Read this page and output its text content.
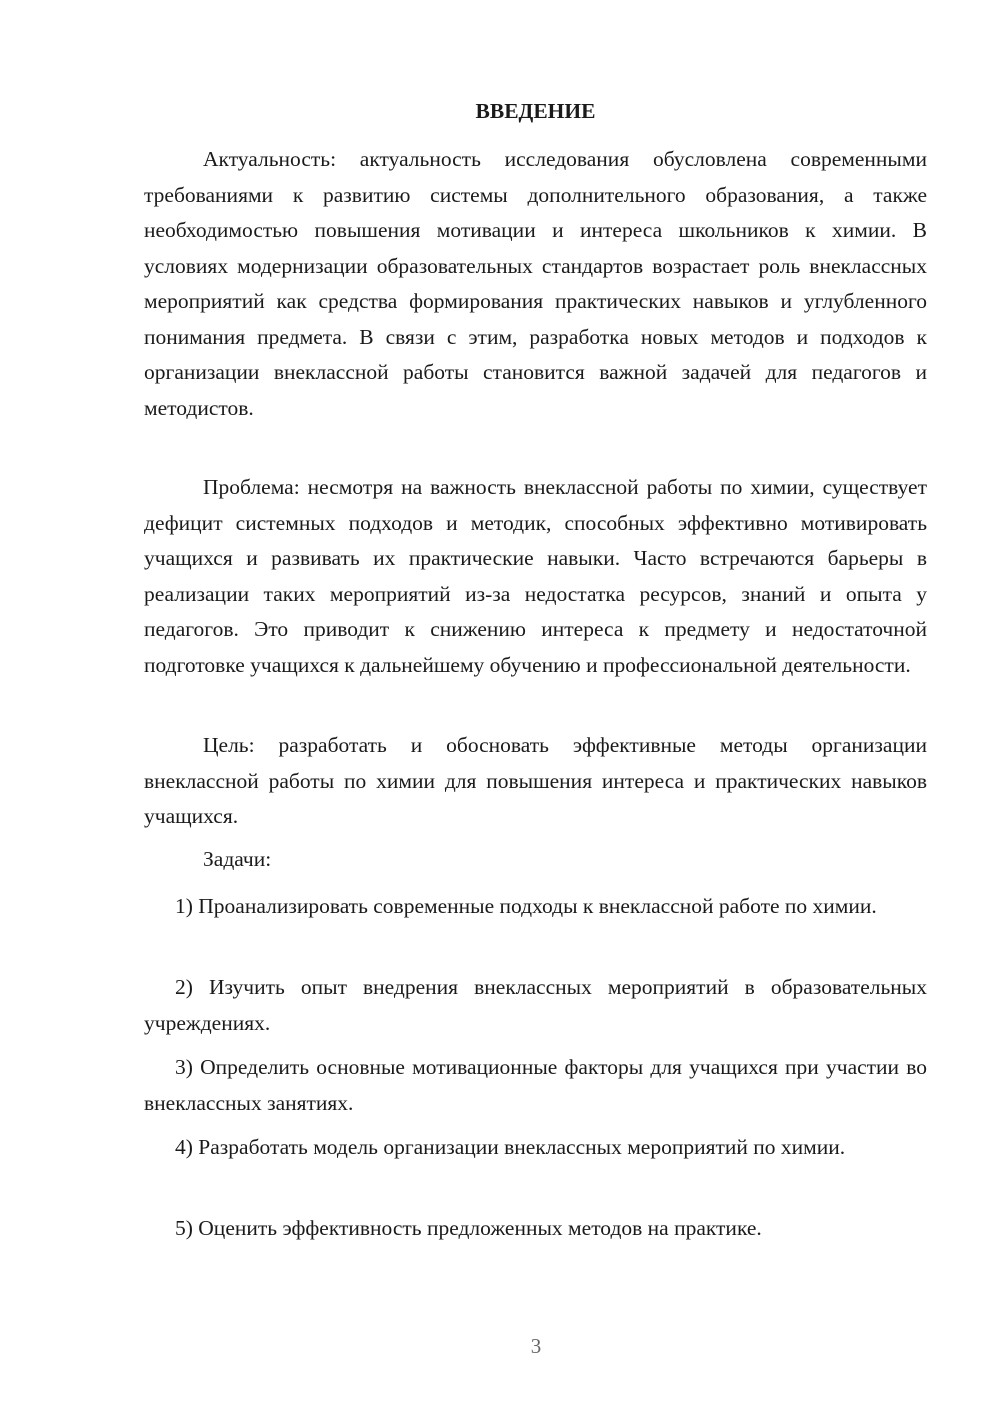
ВВЕДЕНИЕ

Актуальность: актуальность исследования обусловлена современными требованиями к развитию системы дополнительного образования, а также необходимостью повышения мотивации и интереса школьников к химии. В условиях модернизации образовательных стандартов возрастает роль внеклассных мероприятий как средства формирования практических навыков и углубленного понимания предмета. В связи с этим, разработка новых методов и подходов к организации внеклассной работы становится важной задачей для педагогов и методистов.

Проблема: несмотря на важность внеклассной работы по химии, существует дефицит системных подходов и методик, способных эффективно мотивировать учащихся и развивать их практические навыки. Часто встречаются барьеры в реализации таких мероприятий из-за недостатка ресурсов, знаний и опыта у педагогов. Это приводит к снижению интереса к предмету и недостаточной подготовке учащихся к дальнейшему обучению и профессиональной деятельности.

Цель: разработать и обосновать эффективные методы организации внеклассной работы по химии для повышения интереса и практических навыков учащихся.

Задачи:

1) Проанализировать современные подходы к внеклассной работе по химии.

2) Изучить опыт внедрения внеклассных мероприятий в образовательных учреждениях.

3) Определить основные мотивационные факторы для учащихся при участии во внеклассных занятиях.

4) Разработать модель организации внеклассных мероприятий по химии.

5) Оценить эффективность предложенных методов на практике.

3
